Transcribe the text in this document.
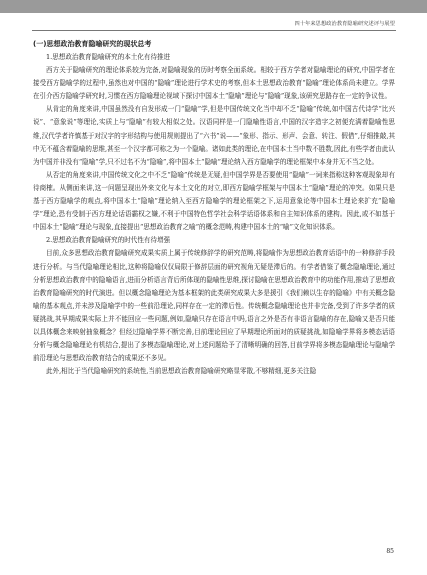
四十年来思想政治教育隐喻研究述评与展望

(一)思想政治教育隐喻研究的现状总考

1.思想政治教育隐喻研究的本土化有待推进

西方关于隐喻研究的理论体系较为完备,对隐喻现象的历时考察全面系统。相较于西方学者对隐喻理论的研究,中国学者在接受西方隐喻学的过程中,虽然也对中国的“隐喻”理论进行学术史的考察,但本土思想政治教育“隐喻”理论体系尚未建立。学界在引介西方隐喻学研究时,习惯在西方隐喻理论视域下探讨中国本土“隐喻”理论与“隐喻”现象,该研究思路存在一定的争议性。

从肯定的角度来讲,中国虽然没有自发形成一门“隐喻”学,但是中国传统文化当中却不乏“隐喻”传统,如中国古代诗学“比兴说”、“意象说”等理论,实质上与“隐喻”有较大相似之处。汉语同样是一门隐喻性语言,中国的汉字造字之初便充满着隐喻性思维,汉代学者许慎基于对汉字的字形结构与使用规则提出了“六书”说——“象形、指示、形声、会意、转注、假借”,仔细推敲,其中无不蕴含着隐喻的思维,甚至一个汉字都可称之为一个隐喻。诸如此类的理论,在中国本土当中数不胜数,因此,有些学者由此认为中国并非没有“隐喻”学,只不过名不为“隐喻”,将中国本土“隐喻”理论纳入西方隐喻学的理论框架中本身并无不当之处。

从否定的角度来讲,中国传统文化之中不乏“隐喻”传统是无疑,但中国学界是否要使用“隐喻”一词来指称这种客观现象却有待商榷。从侧面来讲,这一问题呈现出外来文化与本土文化的对立,即西方隐喻学框架与中国本土“隐喻”理论的冲突。如果只是基于西方隐喻学的观点,将中国本土“隐喻”理论纳入至西方隐喻学的理论框架之下,运用意象论等中国本土理论来扩充“隐喻学”理论,恐有受制于西方理论话语霸权之嫌,不利于中国特色哲学社会科学话语体系和自主知识体系的建构。因此,或不如基于中国本土“隐喻”理论与现象,直接提出“思想政治教育之喻”的概念范畴,构建中国本土的“喻”文化知识体系。

2.思想政治教育隐喻研究的时代性有待增强

目前,众多思想政治教育隐喻研究成果实质上属于传统修辞学的研究范畴,将隐喻作为思想政治教育话语中的一种修辞手段进行分析。与当代隐喻理论相比,这种将隐喻仅仅局限于修辞层面的研究视角无疑是滞后的。有学者借鉴了概念隐喻理论,通过分析思想政治教育中的隐喻语言,进而分析语言背后所体现的隐喻性思维,探讨隐喻在思想政治教育中的功能作用,推动了思想政治教育隐喻研究的时代演进。但以概念隐喻理论为基本框架的此类研究成果大多是援引《我们赖以生存的隐喻》中有关概念隐喻的基本观点,并未涉及隐喻学中的一些前沿理论,同样存在一定的滞后性。传统概念隐喻理论也并非完备,受到了许多学者的质疑挑战,其早期成果实际上并不能回应一些问题,例如,隐喻只存在语言中吗,语言之外是否有非语言隐喻的存在,隐喻又是否只能以具体概念来映射抽象概念？但经过隐喻学界不断完善,目前理论回应了早期理论所面对的质疑挑战,如隐喻学界将多模态话语分析与概念隐喻理论有机结合,提出了多模态隐喻理论,对上述问题给予了清晰明确的回答,目前学界将多模态隐喻理论与隐喻学前沿理论与思想政治教育结合的成果还不多见。

此外,相比于当代隐喻研究的系统性,当前思想政治教育隐喻研究略显零散,不够精细,更多关注隐

85
